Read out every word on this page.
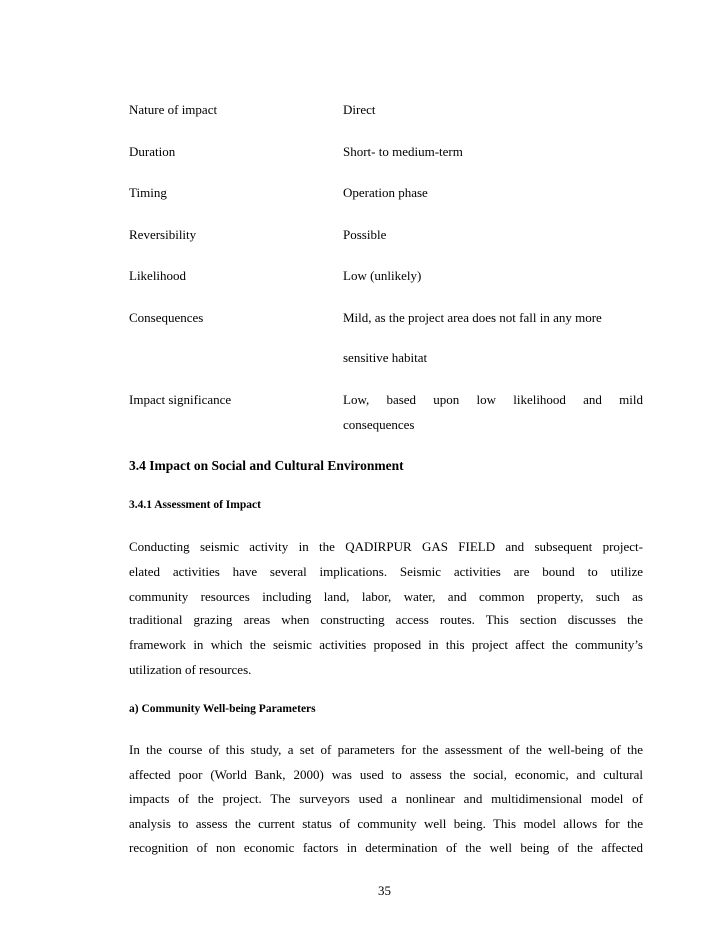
Nature of impact	Direct
Duration	Short- to medium-term
Timing	Operation phase
Reversibility	Possible
Likelihood	Low (unlikely)
Consequences	Mild, as the project area does not fall in any more
sensitive habitat
Impact significance	Low, based upon low likelihood and mild
consequences
3.4 Impact on Social and Cultural Environment
3.4.1 Assessment of Impact
Conducting seismic activity in the QADIRPUR GAS FIELD and subsequent project-
elated activities have several implications. Seismic activities are bound to utilize
community resources including land, labor, water, and common property, such as
traditional grazing areas when constructing access routes. This section discusses the
framework in which the seismic activities proposed in this project affect the community’s
utilization of resources.
a) Community Well-being Parameters
In the course of this study, a set of parameters for the assessment of the well-being of the
affected poor (World Bank, 2000) was used to assess the social, economic, and cultural
impacts of the project. The surveyors used a nonlinear and multidimensional model of
analysis to assess the current status of community well being. This model allows for the
recognition of non economic factors in determination of the well being of the affected
35
